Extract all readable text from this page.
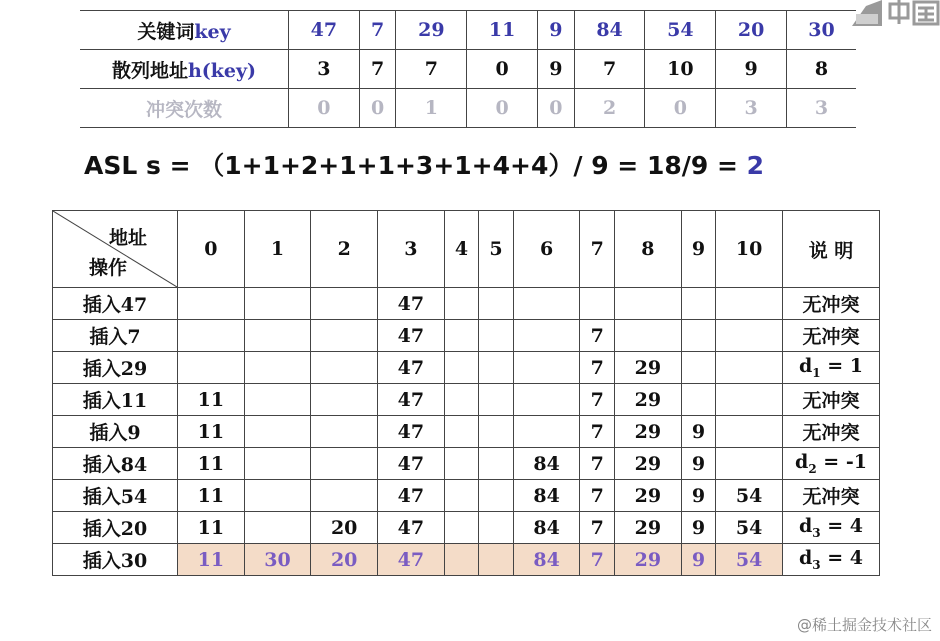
关键词key	47	7	29	11	9	84	54	20	30
散列地址h(key)	3	7	7	0	9	7	10	9	8
冲突次数	0	0	1	0	0	2	0	3	3
ASL s = （1+1+2+1+1+3+1+4+4）/ 9 = 18/9 = 2
地址
操作	0	1	2	3	4	5	6	7	8	9	10	说 明
插入47				47								无冲突
插入7				47				7				无冲突
插入29				47				7	29			$d_1 = 1$
插入11	11			47				7	29			无冲突
插入9	11			47				7	29	9		无冲突
插入84	11			47			84	7	29	9		$d_2 = -1$
插入54	11			47			84	7	29	9	54	无冲突
插入20	11		20	47			84	7	29	9	54	$d_3 = 4$
插入30	11	30	20	47			84	7	29	9	54	$d_3 = 4$
@稀土掘金技术社区
